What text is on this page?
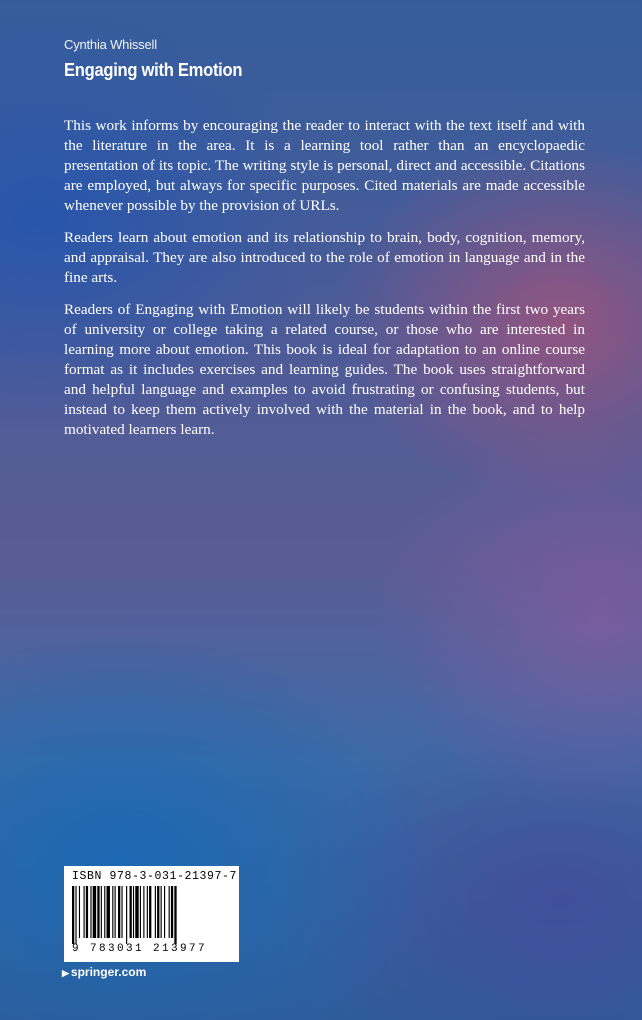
Cynthia Whissell
Engaging with Emotion

This work informs by encouraging the reader to interact with the text itself and with the literature in the area. It is a learning tool rather than an encyclopaedic presentation of its topic. The writing style is personal, direct and accessible. Citations are employed, but always for specific purposes. Cited materials are made accessible whenever possible by the provision of URLs.

Readers learn about emotion and its relationship to brain, body, cognition, memory, and appraisal. They are also introduced to the role of emotion in language and in the fine arts.

Readers of Engaging with Emotion will likely be students within the first two years of university or college taking a related course, or those who are interested in learning more about emotion. This book is ideal for adaptation to an online course format as it includes exercises and learning guides. The book uses straightforward and helpful language and examples to avoid frustrating or confusing students, but instead to keep them actively involved with the material in the book, and to help motivated learners learn.

ISBN 978-3-031-21397-7
9 783031 213977
▶ springer.com
